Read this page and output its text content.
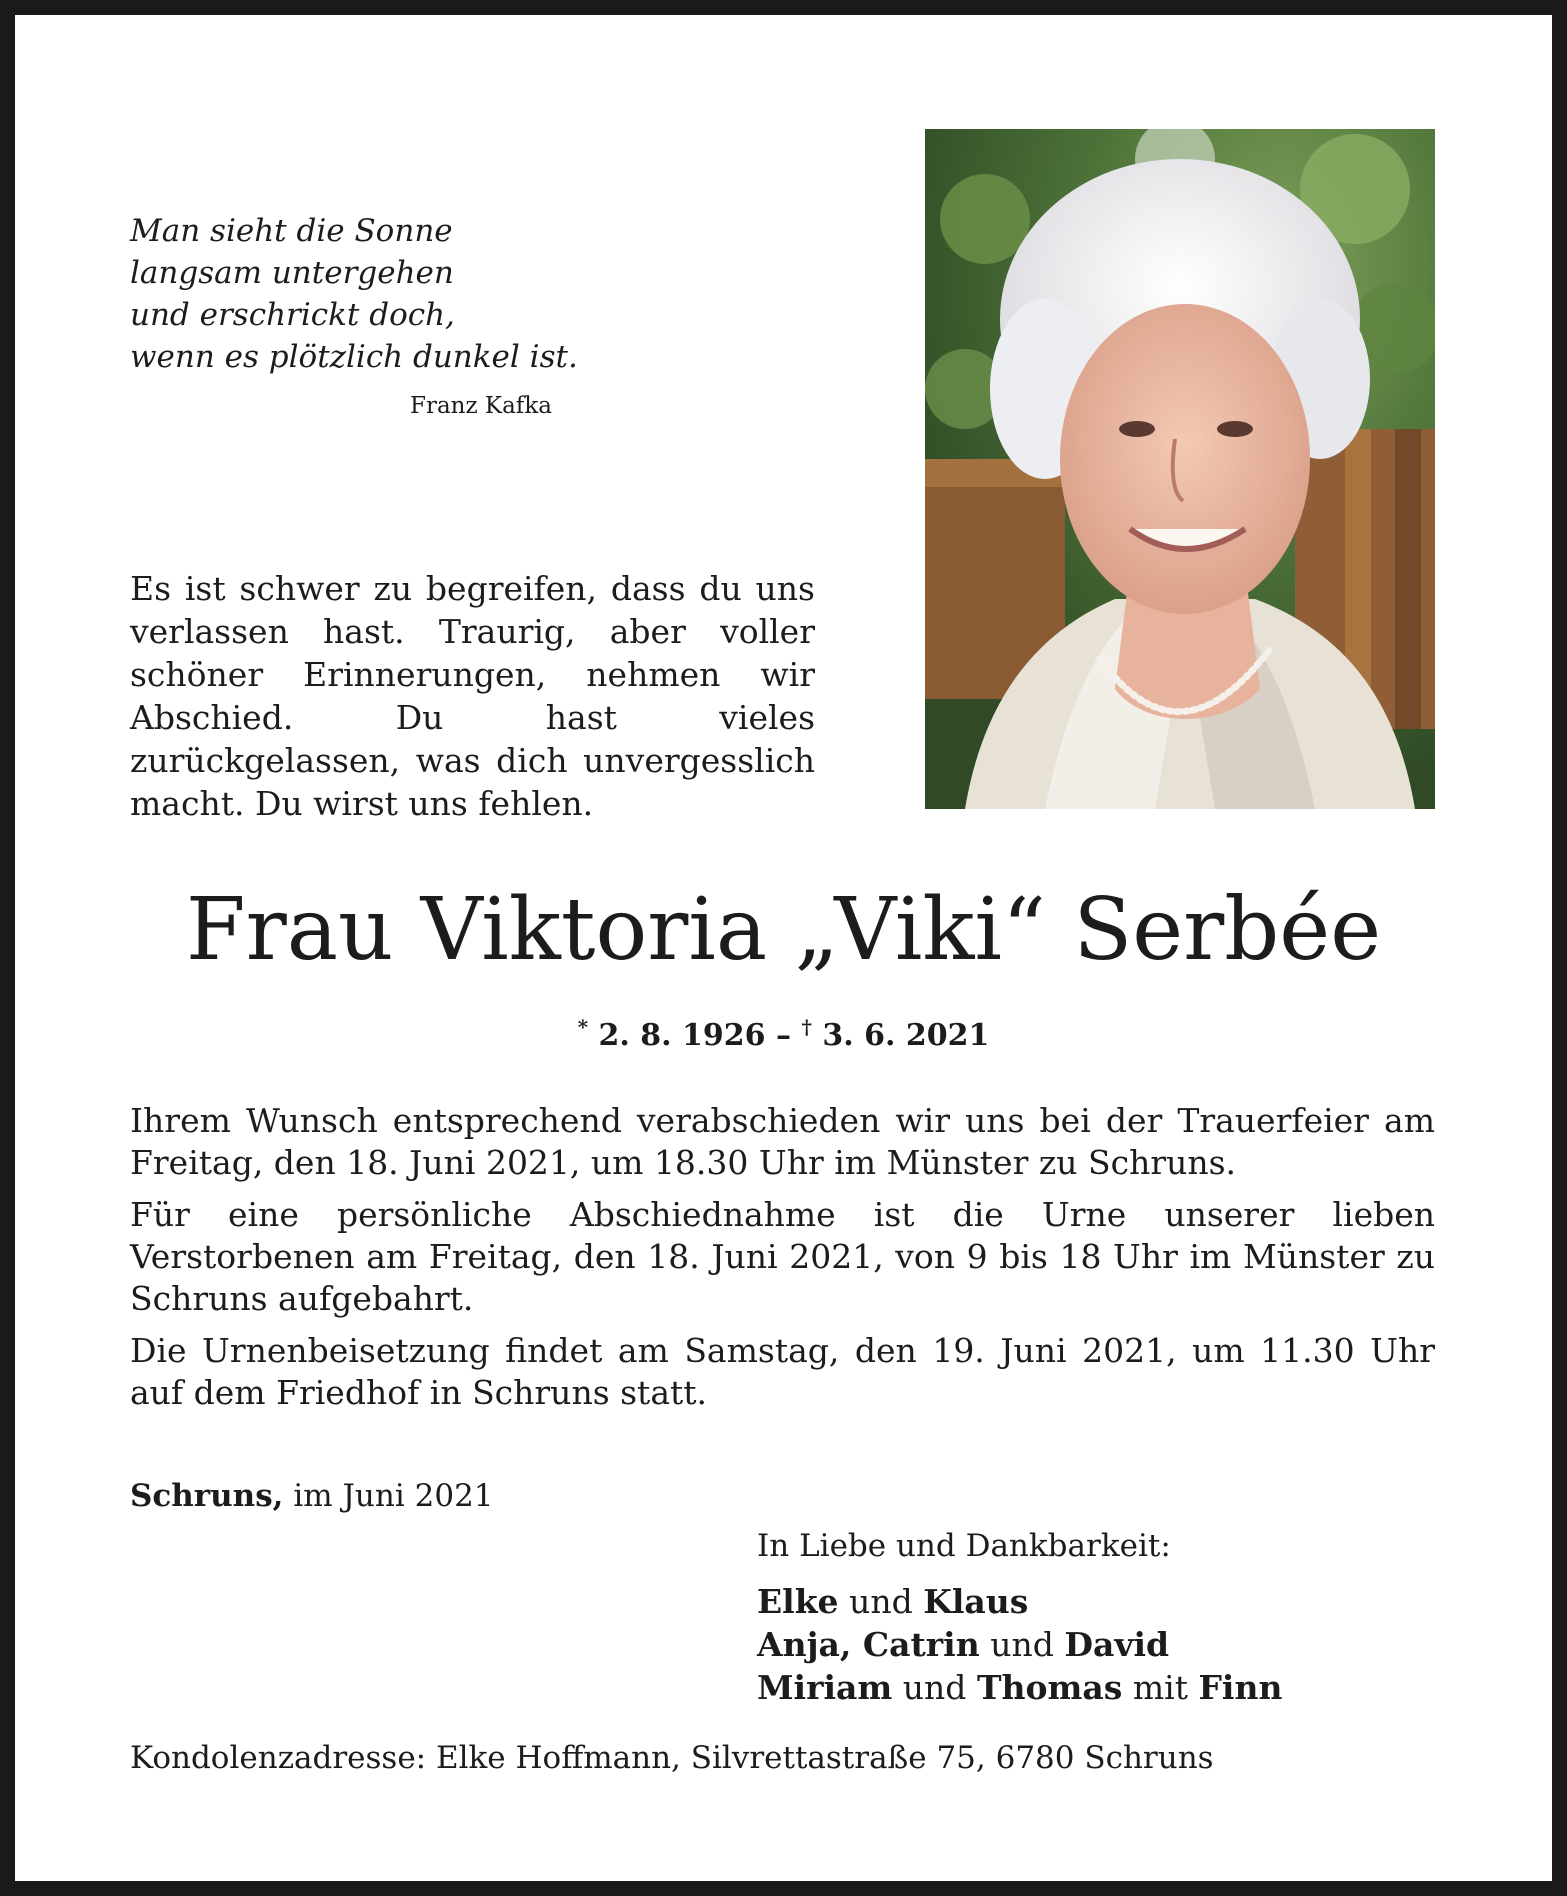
Man sieht die Sonne
langsam untergehen
und erschrickt doch,
wenn es plötzlich dunkel ist.
Franz Kafka
Es ist schwer zu begreifen, dass du uns verlassen hast. Traurig, aber voller schöner Erinnerungen, nehmen wir Abschied. Du hast vieles zurückgelassen, was dich unvergesslich macht. Du wirst uns fehlen.
Frau Viktoria „Viki“ Serbée
* 2. 8. 1926 – † 3. 6. 2021

Ihrem Wunsch entsprechend verabschieden wir uns bei der Trauerfeier am Freitag, den 18. Juni 2021, um 18.30 Uhr im Münster zu Schruns.

Für eine persönliche Abschiednahme ist die Urne unserer lieben Verstorbenen am Freitag, den 18. Juni 2021, von 9 bis 18 Uhr im Münster zu Schruns aufgebahrt.

Die Urnenbeisetzung findet am Samstag, den 19. Juni 2021, um 11.30 Uhr auf dem Friedhof in Schruns statt.

Schruns, im Juni 2021
In Liebe und Dankbarkeit:
Elke und Klaus
Anja, Catrin und David
Miriam und Thomas mit Finn
Kondolenzadresse: Elke Hoffmann, Silvrettastraße 75, 6780 Schruns
